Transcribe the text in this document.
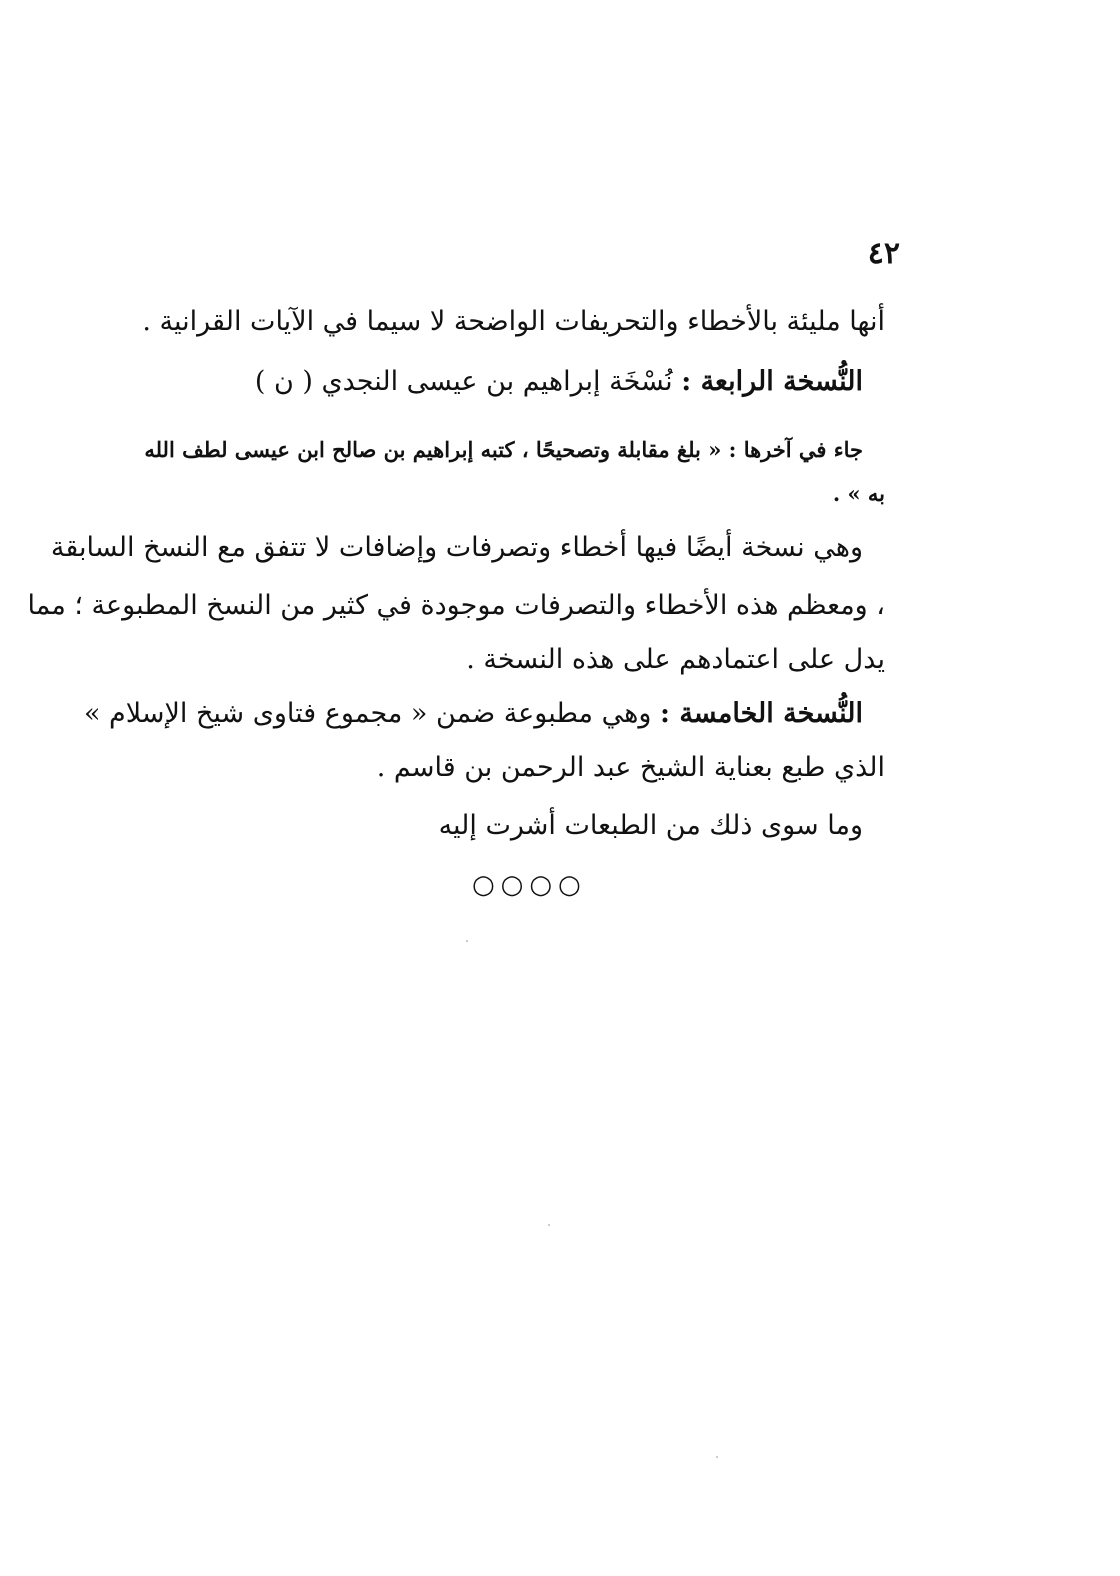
٤٢
أنها مليئة بالأخطاء والتحريفات الواضحة لا سيما في الآيات القرانية .
النُّسخة الرابعة : نُسْخَة إبراهيم بن عيسى النجدي ( ن )
جاء في آخرها : « بلغ مقابلة وتصحيحًا ، كتبه إبراهيم بن صالح ابن عيسى لطف الله
به » .
وهي نسخة أيضًا فيها أخطاء وتصرفات وإضافات لا تتفق مع النسخ السابقة
، ومعظم هذه الأخطاء والتصرفات موجودة في كثير من النسخ المطبوعة ؛ مما
يدل على اعتمادهم على هذه النسخة .
النُّسخة الخامسة : وهي مطبوعة ضمن « مجموع فتاوى شيخ الإسلام »
الذي طبع بعناية الشيخ عبد الرحمن بن قاسم .
وما سوى ذلك من الطبعات أشرت إليه
○○○○
